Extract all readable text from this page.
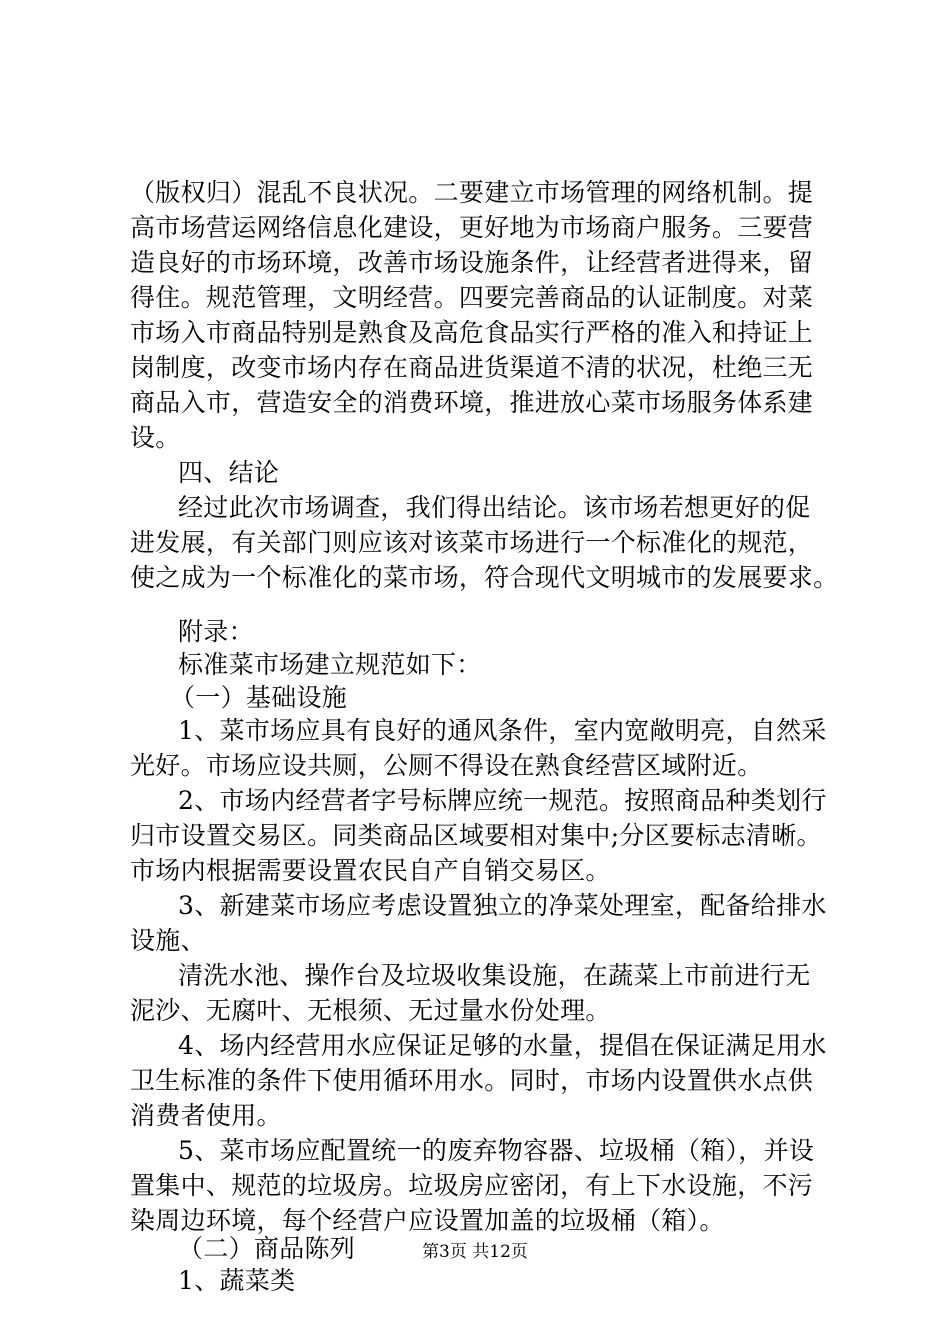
（版权归）混乱不良状况。二要建立市场管理的网络机制。提
高市场营运网络信息化建设，更好地为市场商户服务。三要营
造良好的市场环境，改善市场设施条件，让经营者进得来，留
得住。规范管理，文明经营。四要完善商品的认证制度。对菜
市场入市商品特别是熟食及高危食品实行严格的准入和持证上
岗制度，改变市场内存在商品进货渠道不清的状况，杜绝三无
商品入市，营造安全的消费环境，推进放心菜市场服务体系建
设。
四、结论
经过此次市场调查，我们得出结论。该市场若想更好的促
进发展，有关部门则应该对该菜市场进行一个标准化的规范，
使之成为一个标准化的菜市场，符合现代文明城市的发展要求。
附录：
标准菜市场建立规范如下：
（一）基础设施
1、菜市场应具有良好的通风条件，室内宽敞明亮，自然采
光好。市场应设共厕，公厕不得设在熟食经营区域附近。
2、市场内经营者字号标牌应统一规范。按照商品种类划行
归市设置交易区。同类商品区域要相对集中;分区要标志清晰。
市场内根据需要设置农民自产自销交易区。
3、新建菜市场应考虑设置独立的净菜处理室，配备给排水
设施、
清洗水池、操作台及垃圾收集设施，在蔬菜上市前进行无
泥沙、无腐叶、无根须、无过量水份处理。
4、场内经营用水应保证足够的水量，提倡在保证满足用水
卫生标准的条件下使用循环用水。同时，市场内设置供水点供
消费者使用。
5、菜市场应配置统一的废弃物容器、垃圾桶（箱），并设
置集中、规范的垃圾房。垃圾房应密闭，有上下水设施，不污
染周边环境，每个经营户应设置加盖的垃圾桶（箱）。
（二）商品陈列
1、蔬菜类
第3页 共12页
